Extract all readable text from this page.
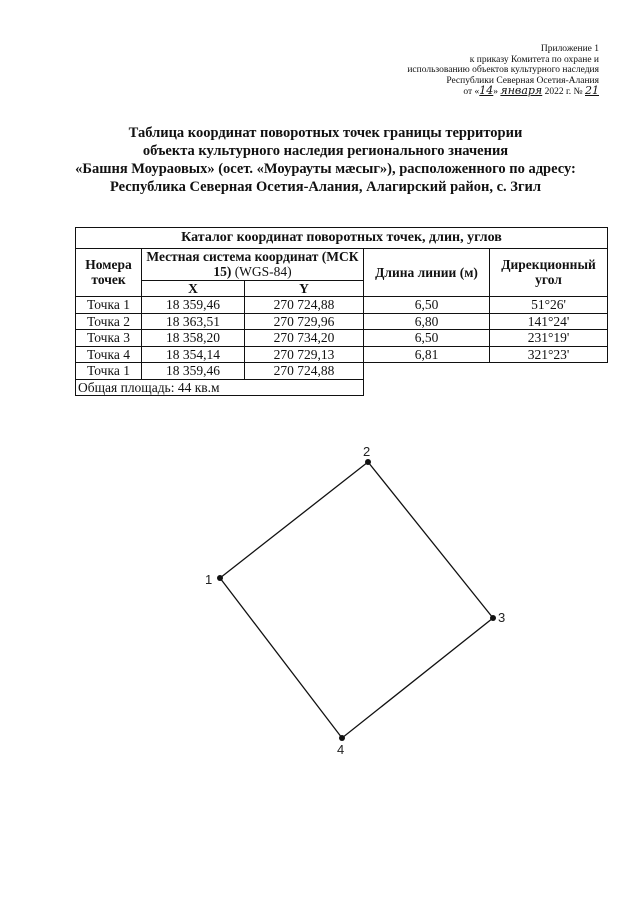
Приложение 1
к приказу Комитета по охране и
использованию объектов культурного наследия
Республики Северная Осетия-Алания
от «14» января 2022 г. № 21
Таблица координат поворотных точек границы территории
объекта культурного наследия регионального значения
«Башня Моураовых» (осет. «Моурауты мæсыг»), расположенного по адресу:
Республика Северная Осетия-Алания, Алагирский район, с. Згил
Каталог координат поворотных точек, длин, углов				
Номера точек	Местная система координат (МСК 15) (WGS-84)		Длина линии (м)	Дирекционный угол
	X	Y		
Точка 1	18 359,46	270 724,88	6,50	51°26'
Точка 2	18 363,51	270 729,96	6,80	141°24'
Точка 3	18 358,20	270 734,20	6,50	231°19'
Точка 4	18 354,14	270 729,13	6,81	321°23'
Точка 1	18 359,46	270 724,88		
Общая площадь: 44 кв.м				
1
2
3
4
